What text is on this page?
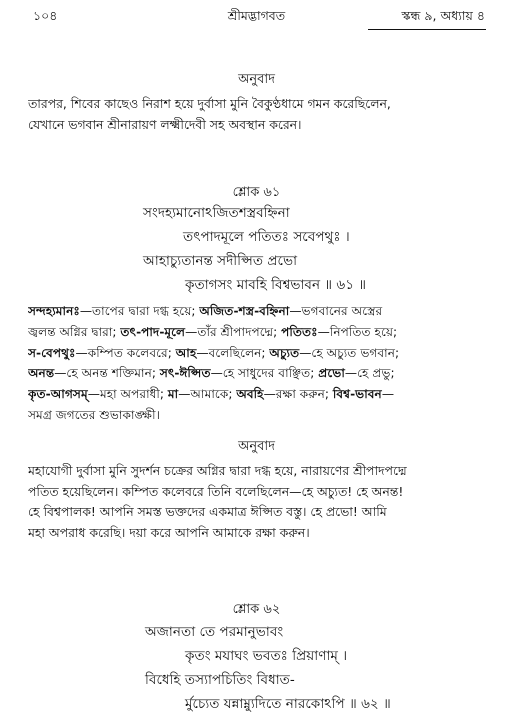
১০৪	শ্রীমদ্ভাগবত	স্কন্ধ ৯, অধ্যায় ৪
অনুবাদ
তারপর, শিবের কাছেও নিরাশ হয়ে দুর্বাসা মুনি বৈকুণ্ঠধামে গমন করেছিলেন,
যেখানে ভগবান শ্রীনারায়ণ লক্ষ্মীদেবী সহ অবস্থান করেন।
শ্লোক ৬১
সংদহ্যমানোঽজিতশস্ত্রবহ্নিনা
তৎপাদমূলে পতিতঃ সবেপথুঃ ।
আহাচ্যুতানন্ত সদীপ্সিত প্রভো
কৃতাগসং মাবহি বিশ্বভাবন ॥ ৬১ ॥
সন্দহ্যমানঃ—তাপের দ্বারা দগ্ধ হয়ে; অজিত-শস্ত্র-বহ্নিনা—ভগবানের অস্ত্রের
জ্বলন্ত অগ্নির দ্বারা; তৎ-পাদ-মূলে—তাঁর শ্রীপাদপদ্মে; পতিতঃ—নিপতিত হয়ে;
স-বেপথুঃ—কম্পিত কলেবরে; আহ—বলেছিলেন; অচ্যুত—হে অচ্যুত ভগবান;
অনন্ত—হে অনন্ত শক্তিমান; সৎ-ঈপ্সিত—হে সাধুদের বাঞ্ছিত; প্রভো—হে প্রভু;
কৃত-আগসম্—মহা অপরাধী; মা—আমাকে; অবহি—রক্ষা করুন; বিশ্ব-ভাবন—
সমগ্র জগতের শুভাকাঙ্ক্ষী।
অনুবাদ
মহাযোগী দুর্বাসা মুনি সুদর্শন চক্রের অগ্নির দ্বারা দগ্ধ হয়ে, নারায়ণের শ্রীপাদপদ্মে
পতিত হয়েছিলেন। কম্পিত কলেবরে তিনি বলেছিলেন—হে অচ্যুত! হে অনন্ত!
হে বিশ্বপালক! আপনি সমস্ত ভক্তদের একমাত্র ঈপ্সিত বস্তু। হে প্রভো! আমি
মহা অপরাধ করেছি। দয়া করে আপনি আমাকে রক্ষা করুন।
শ্লোক ৬২
অজানতা তে পরমানুভাবং
কৃতং মযাঘং ভবতঃ প্রিয়াণাম্ ।
বিধেহি তস্যাপচিতিং বিধাত-
র্মুচ্যেত যন্নাম্ন্যুদিতে নারকোঽপি ॥ ৬২ ॥
